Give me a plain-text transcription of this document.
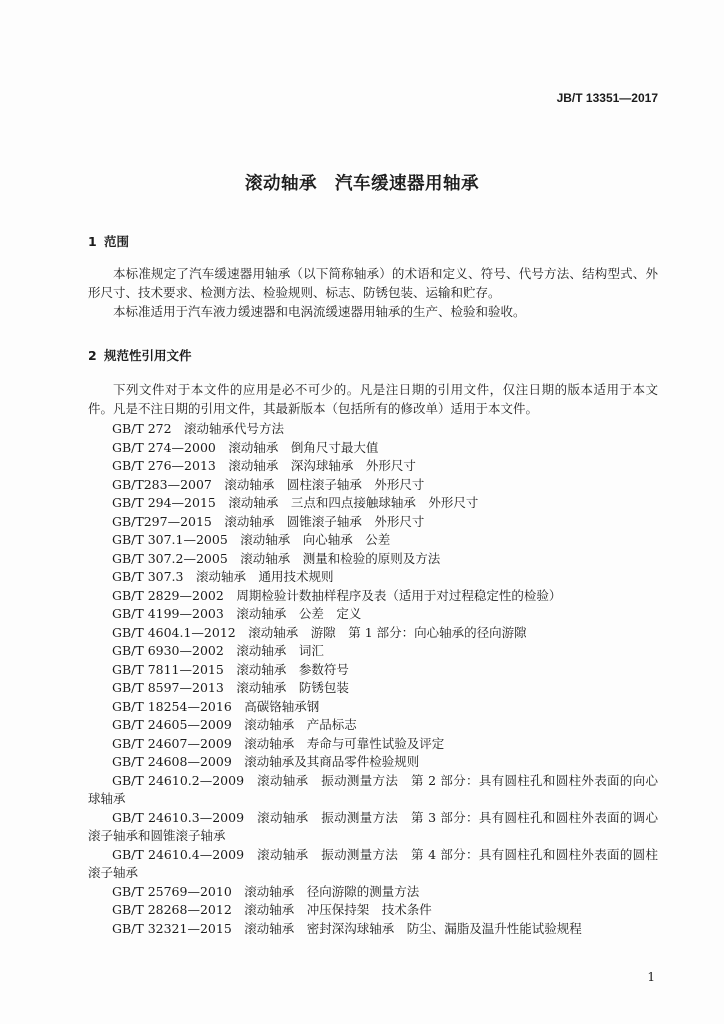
JB/T 13351—2017
滚动轴承　汽车缓速器用轴承
1 范围

本标准规定了汽车缓速器用轴承（以下简称轴承）的术语和定义、符号、代号方法、结构型式、外形尺寸、技术要求、检测方法、检验规则、标志、防锈包装、运输和贮存。

本标准适用于汽车液力缓速器和电涡流缓速器用轴承的生产、检验和验收。

2 规范性引用文件

下列文件对于本文件的应用是必不可少的。凡是注日期的引用文件，仅注日期的版本适用于本文件。凡是不注日期的引用文件，其最新版本（包括所有的修改单）适用于本文件。

GB/T 272　滚动轴承代号方法
GB/T 274—2000　滚动轴承　倒角尺寸最大值
GB/T 276—2013　滚动轴承　深沟球轴承　外形尺寸
GB/T283—2007　滚动轴承　圆柱滚子轴承　外形尺寸
GB/T 294—2015　滚动轴承　三点和四点接触球轴承　外形尺寸
GB/T297—2015　滚动轴承　圆锥滚子轴承　外形尺寸
GB/T 307.1—2005　滚动轴承　向心轴承　公差
GB/T 307.2—2005　滚动轴承　测量和检验的原则及方法
GB/T 307.3　滚动轴承　通用技术规则
GB/T 2829—2002　周期检验计数抽样程序及表（适用于对过程稳定性的检验）
GB/T 4199—2003　滚动轴承　公差　定义
GB/T 4604.1—2012　滚动轴承　游隙　第 1 部分：向心轴承的径向游隙
GB/T 6930—2002　滚动轴承　词汇
GB/T 7811—2015　滚动轴承　参数符号
GB/T 8597—2013　滚动轴承　防锈包装
GB/T 18254—2016　高碳铬轴承钢
GB/T 24605—2009　滚动轴承　产品标志
GB/T 24607—2009　滚动轴承　寿命与可靠性试验及评定
GB/T 24608—2009　滚动轴承及其商品零件检验规则
GB/T 24610.2—2009　滚动轴承　振动测量方法　第 2 部分：具有圆柱孔和圆柱外表面的向心球轴承
GB/T 24610.3—2009　滚动轴承　振动测量方法　第 3 部分：具有圆柱孔和圆柱外表面的调心滚子轴承和圆锥滚子轴承
GB/T 24610.4—2009　滚动轴承　振动测量方法　第 4 部分：具有圆柱孔和圆柱外表面的圆柱滚子轴承
GB/T 25769—2010　滚动轴承　径向游隙的测量方法
GB/T 28268—2012　滚动轴承　冲压保持架　技术条件
GB/T 32321—2015　滚动轴承　密封深沟球轴承　防尘、漏脂及温升性能试验规程
1
